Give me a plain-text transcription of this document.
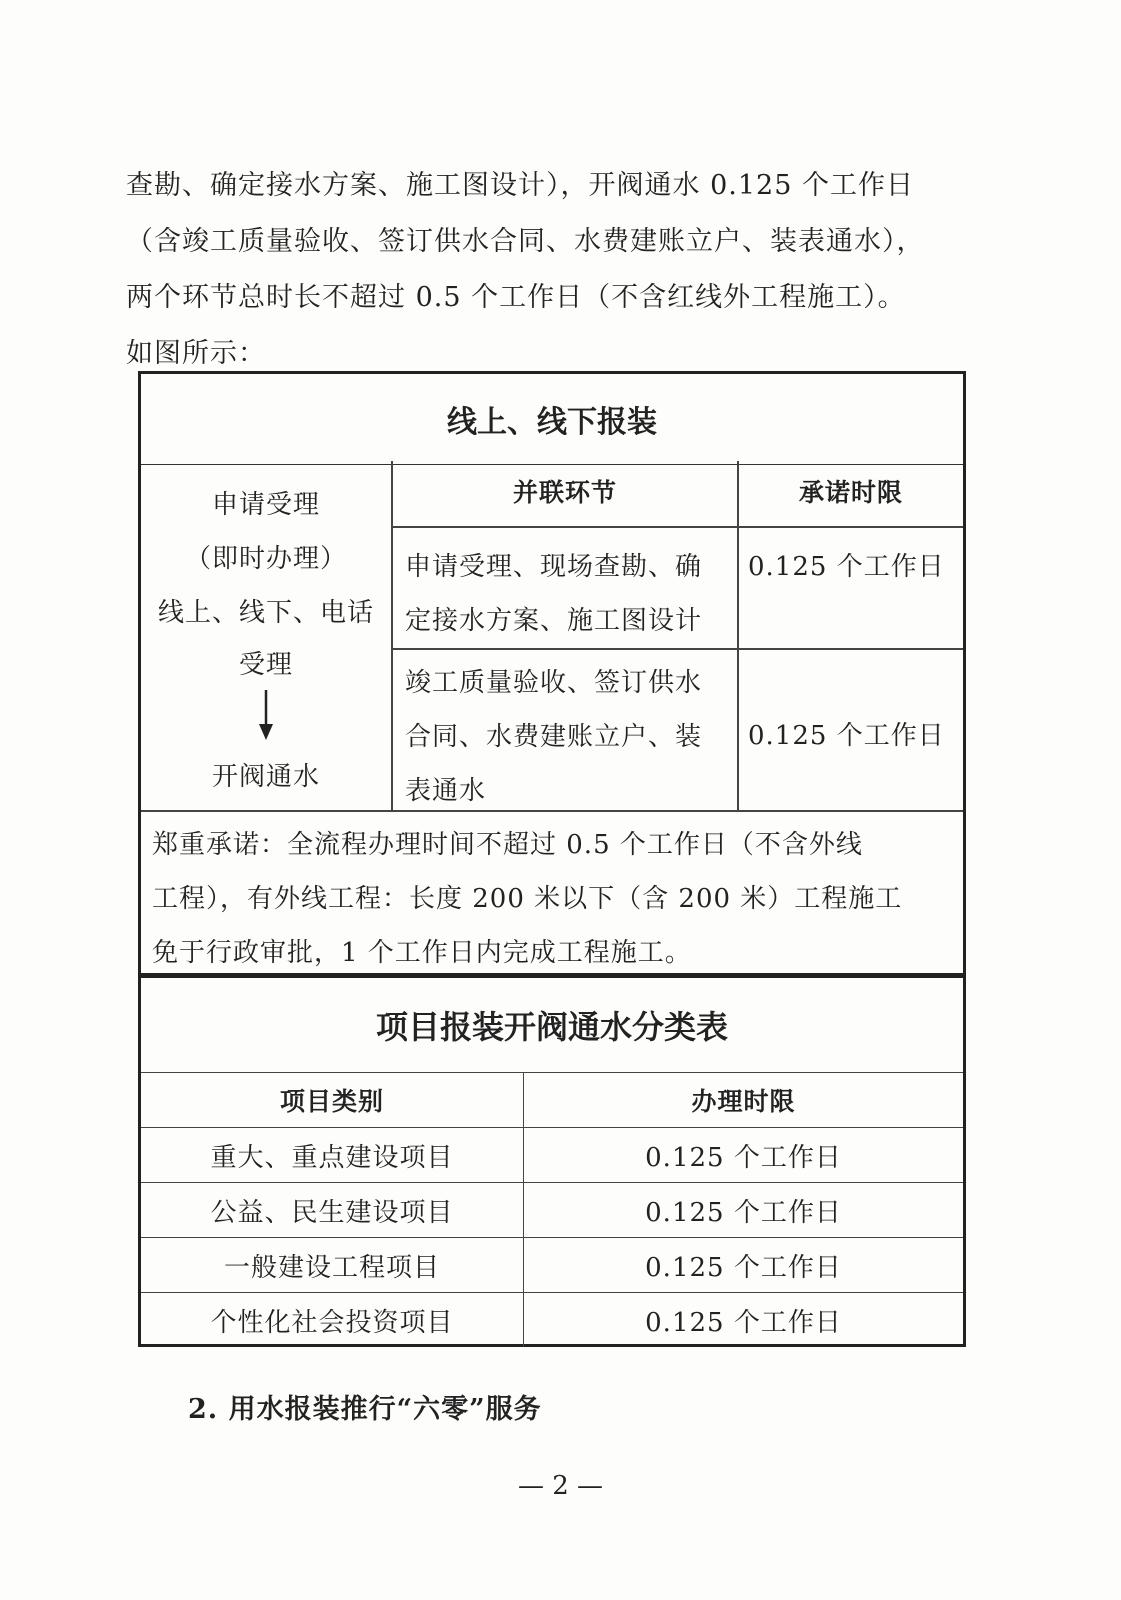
查勘、确定接水方案、施工图设计），开阀通水 0.125 个工作日
（含竣工质量验收、签订供水合同、水费建账立户、装表通水），
两个环节总时长不超过 0.5 个工作日（不含红线外工程施工）。
如图所示：

线上、线下报装
申请受理
（即时办理）
线上、线下、电话
受理
开阀通水
并联环节	承诺时限
申请受理、现场查勘、确
定接水方案、施工图设计
0.125 个工作日
竣工质量验收、签订供水
合同、水费建账立户、装
表通水
0.125 个工作日
郑重承诺：全流程办理时间不超过 0.5 个工作日（不含外线
工程），有外线工程：长度 200 米以下（含 200 米）工程施工
免于行政审批，1 个工作日内完成工程施工。
项目报装开阀通水分类表
项目类别	办理时限
重大、重点建设项目	0.125 个工作日
公益、民生建设项目	0.125 个工作日
一般建设工程项目	0.125 个工作日
个性化社会投资项目	0.125 个工作日
2. 用水报装推行“六零”服务
— 2 —
